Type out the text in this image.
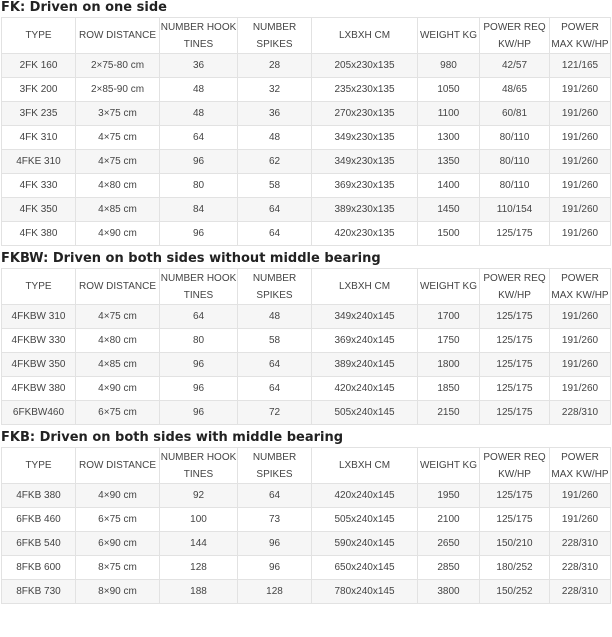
FK: Driven on one side
TYPE	ROW DISTANCE	NUMBER HOOK TINES	NUMBER SPIKES	LXBXH CM	WEIGHT KG	POWER REQ KW/HP	POWER MAX KW/HP
2FK 160	2×75-80 cm	36	28	205x230x135	980	42/57	121/165
3FK 200	2×85-90 cm	48	32	235x230x135	1050	48/65	191/260
3FK 235	3×75 cm	48	36	270x230x135	1100	60/81	191/260
4FK 310	4×75 cm	64	48	349x230x135	1300	80/110	191/260
4FKE 310	4×75 cm	96	62	349x230x135	1350	80/110	191/260
4FK 330	4×80 cm	80	58	369x230x135	1400	80/110	191/260
4FK 350	4×85 cm	84	64	389x230x135	1450	110/154	191/260
4FK 380	4×90 cm	96	64	420x230x135	1500	125/175	191/260
FKBW: Driven on both sides without middle bearing
TYPE	ROW DISTANCE	NUMBER HOOK TINES	NUMBER SPIKES	LXBXH CM	WEIGHT KG	POWER REQ KW/HP	POWER MAX KW/HP
4FKBW 310	4×75 cm	64	48	349x240x145	1700	125/175	191/260
4FKBW 330	4×80 cm	80	58	369x240x145	1750	125/175	191/260
4FKBW 350	4×85 cm	96	64	389x240x145	1800	125/175	191/260
4FKBW 380	4×90 cm	96	64	420x240x145	1850	125/175	191/260
6FKBW460	6×75 cm	96	72	505x240x145	2150	125/175	228/310
FKB: Driven on both sides with middle bearing
TYPE	ROW DISTANCE	NUMBER HOOK TINES	NUMBER SPIKES	LXBXH CM	WEIGHT KG	POWER REQ KW/HP	POWER MAX KW/HP
4FKB 380	4×90 cm	92	64	420x240x145	1950	125/175	191/260
6FKB 460	6×75 cm	100	73	505x240x145	2100	125/175	191/260
6FKB 540	6×90 cm	144	96	590x240x145	2650	150/210	228/310
8FKB 600	8×75 cm	128	96	650x240x145	2850	180/252	228/310
8FKB 730	8×90 cm	188	128	780x240x145	3800	150/252	228/310
